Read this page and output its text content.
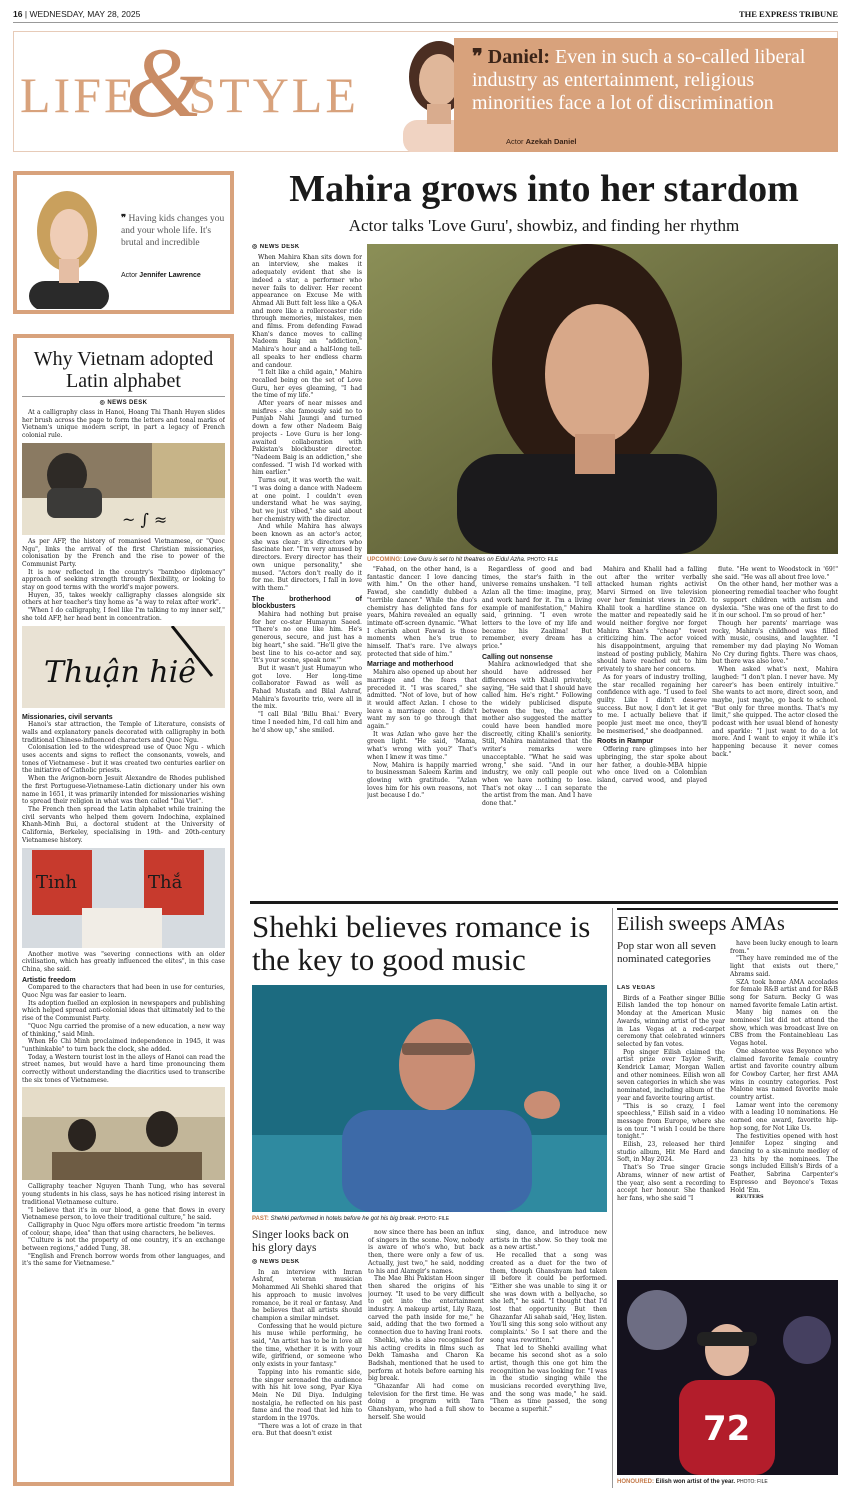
16 | WEDNESDAY, MAY 28, 2025	THE EXPRESS TRIBUNE
LIFE&STYLE
❞ Daniel: Even in such a so-called liberal industry as entertainment, religious minorities face a lot of discrimination
Actor Azekah Daniel
❞ Having kids changes you and your whole life. It's brutal and incredible
Actor Jennifer Lawrence
Why Vietnam adopted Latin alphabet
◎ NEWS DESK

At a calligraphy class in Hanoi, Hoang Thi Thanh Huyen slides her brush across the page to form the letters and tonal marks of Vietnam's unique modern script, in part a legacy of French colonial rule.

~ ∫ ≈

As per AFP, the history of romanised Vietnamese, or "Quoc Ngu", links the arrival of the first Christian missionaries, colonisation by the French and the rise to power of the Communist Party.

It is now reflected in the country's "bamboo diplomacy" approach of seeking strength through flexibility, or looking to stay on good terms with the world's major powers.

Huyen, 35, takes weekly calligraphy classes alongside six others at her teacher's tiny home as "a way to relax after work".

"When I do calligraphy, I feel like I'm talking to my inner self," she told AFP, her head bent in concentration.

Thuận hiê
Missionaries, civil servants

Hanoi's star attraction, the Temple of Literature, consists of walls and explanatory panels decorated with calligraphy in both traditional Chinese-influenced characters and Quoc Ngu.

Colonisation led to the widespread use of Quoc Ngu - which uses accents and signs to reflect the consonants, vowels, and tones of Vietnamese - but it was created two centuries earlier on the initiative of Catholic priests.

When the Avignon-born Jesuit Alexandre de Rhodes published the first Portuguese-Vietnamese-Latin dictionary under his own name in 1651, it was primarily intended for missionaries wishing to spread their religion in what was then called "Dai Viet".

The French then spread the Latin alphabet while training the civil servants who helped them govern Indochina, explained Khanh-Minh Bui, a doctoral student at the University of California, Berkeley, specialising in 19th- and 20th-century Vietnamese history.

Tinh	Thắ

Another motive was "severing connections with an older civilisation, which has greatly influenced the elites", in this case China, she said.

Artistic freedom

Compared to the characters that had been in use for centuries, Quoc Ngu was far easier to learn.

Its adoption fuelled an explosion in newspapers and publishing which helped spread anti-colonial ideas that ultimately led to the rise of the Communist Party.

"Quoc Ngu carried the promise of a new education, a new way of thinking," said Minh.

When Ho Chi Minh proclaimed independence in 1945, it was "unthinkable" to turn back the clock, she added.

Today, a Western tourist lost in the alleys of Hanoi can read the street names, but would have a hard time pronouncing them correctly without understanding the diacritics used to transcribe the six tones of Vietnamese.

Calligraphy teacher Nguyen Thanh Tung, who has several young students in his class, says he has noticed rising interest in traditional Vietnamese culture.

"I believe that it's in our blood, a gene that flows in every Vietnamese person, to love their traditional culture," he said.

Calligraphy in Quoc Ngu offers more artistic freedom "in terms of colour, shape, idea" than that using characters, he believes.

"Culture is not the property of one country, it's an exchange between regions," added Tung, 38.

"English and French borrow words from other languages, and it's the same for Vietnamese."

Mahira grows into her stardom
Actor talks 'Love Guru', showbiz, and finding her rhythm
UPCOMING: Love Guru is set to hit theatres on Eidul Azha. PHOTO: FILE
◎ NEWS DESK

When Mahira Khan sits down for an interview, she makes it adequately evident that she is indeed a star, a performer who never fails to deliver. Her recent appearance on Excuse Me with Ahmad Ali Butt felt less like a Q&A and more like a rollercoaster ride through memories, mistakes, men and films. From defending Fawad Khan's dance moves to calling Nadeem Baig an "addiction," Mahira's hour and a half-long tell-all speaks to her endless charm and candour.

"I felt like a child again," Mahira recalled being on the set of Love Guru, her eyes gleaming, "I had the time of my life."

After years of near misses and misfires - she famously said no to Punjab Nahi Jaungi and turned down a few other Nadeem Baig projects - Love Guru is her long-awaited collaboration with Pakistan's blockbuster director. "Nadeem Baig is an addiction," she confessed. "I wish I'd worked with him earlier."

Turns out, it was worth the wait. "I was doing a dance with Nadeem at one point. I couldn't even understand what he was saying, but we just vibed," she said about her chemistry with the director.

And while Mahira has always been known as an actor's actor, she was clear: it's directors who fascinate her. "I'm very amused by directors. Every director has their own unique personality," she mused. "Actors don't really do it for me. But directors, I fall in love with them."

The brotherhood of blockbusters

Mahira had nothing but praise for her co-star Humayun Saeed. "There's no one like him. He's generous, secure, and just has a big heart," she said. "He'll give the best line to his co-actor and say, 'It's your scene, speak now.'"

But it wasn't just Humayun who got love. Her long-time collaborator Fawad as well as Fahad Mustafa and Bilal Ashraf, Mahira's favourite trio, were all in the mix.

"I call Bilal 'Billu Bhai.' Every time I needed him, I'd call him and he'd show up," she smiled.

"Fahad, on the other hand, is a fantastic dancer. I love dancing with him." On the other hand, Fawad, she candidly dubbed a "terrible dancer." While the duo's chemistry has delighted fans for years, Mahira revealed an equally intimate off-screen dynamic. "What I cherish about Fawad is those moments when he's true to himself. That's rare. I've always protected that side of him."

Marriage and motherhood

Mahira also opened up about her marriage and the fears that preceded it. "I was scared," she admitted. "Not of love, but of how it would affect Azlan. I chose to leave a marriage once. I didn't want my son to go through that again."

It was Azlan who gave her the green light. "He said, 'Mama, what's wrong with you?' That's when I knew it was time."

Now, Mahira is happily married to businessman Saleem Karim and glowing with gratitude. "Azlan loves him for his own reasons, not just because I do."

Regardless of good and bad times, the star's faith in the universe remains unshaken. "I tell Azlan all the time: imagine, pray, and work hard for it. I'm a living example of manifestation," Mahira said, grinning. "I even wrote letters to the love of my life and became his Zaalima! But remember, every dream has a price."

Calling out nonsense

Mahira acknowledged that she should have addressed her differences with Khalil privately, saying, "He said that I should have called him. He's right." Following the widely publicised dispute between the two, the actor's mother also suggested the matter could have been handled more discreetly, citing Khalil's seniority. Still, Mahira maintained that the writer's remarks were unacceptable. "What he said was wrong," she said. "And in our industry, we only call people out when we have nothing to lose. That's not okay ... I can separate the artist from the man. And I have done that."

Mahira and Khalil had a falling out after the writer verbally attacked human rights activist Marvi Sirmed on live television over her feminist views in 2020. Khalil took a hardline stance on the matter and repeatedly said he would neither forgive nor forget Mahira Khan's "cheap" tweet criticizing him. The actor voiced his disappointment, arguing that instead of posting publicly, Mahira should have reached out to him privately to share her concerns.

As for years of industry trolling, the star recalled regaining her confidence with age. "I used to feel guilty. Like I didn't deserve success. But now, I don't let it get to me. I actually believe that if people just meet me once, they'll be mesmerised," she deadpanned.

Roots in Rampur

Offering rare glimpses into her upbringing, the star spoke about her father, a double-MBA hippie who once lived on a Colombian island, carved wood, and played the

flute. "He went to Woodstock in '69!" she said. "He was all about free love."

On the other hand, her mother was a pioneering remedial teacher who fought to support children with autism and dyslexia. "She was one of the first to do it in our school. I'm so proud of her."

Though her parents' marriage was rocky, Mahira's childhood was filled with music, cousins, and laughter. "I remember my dad playing No Woman No Cry during fights. There was chaos, but there was also love."

When asked what's next, Mahira laughed: "I don't plan. I never have. My career's has been entirely intuitive." She wants to act more, direct soon, and maybe, just maybe, go back to school. "But only for three months. That's my limit," she quipped. The actor closed the podcast with her usual blend of honesty and sparkle: "I just want to do a lot more. And I want to enjoy it while it's happening because it never comes back."

Shehki believes romance is the key to good music
PAST: Shehki performed in hotels before he got his big break. PHOTO: FILE
Singer looks back on his glory days
◎ NEWS DESK

In an interview with Imran Ashraf, veteran musician Mohammed Ali Shehki shared that his approach to music involves romance, be it real or fantasy. And he believes that all artists should champion a similar mindset.

Confessing that he would picture his muse while performing, he said, "An artist has to be in love all the time, whether it is with your wife, girlfriend, or someone who only exists in your fantasy."

Tapping into his romantic side, the singer serenaded the audience with his hit love song, Pyar Kiya Mein Ne Dil Diya. Indulging nostalgia, he reflected on his past fame and the road that led him to stardom in the 1970s.

"There was a lot of craze in that era. But that doesn't exist

now since there has been an influx of singers in the scene. Now, nobody is aware of who's who, but back then, there were only a few of us. Actually, just two," he said, nodding to his and Alamgir's names.

The Mae Bhi Pakistan Hoon singer then shared the origins of his journey. "It used to be very difficult to get into the entertainment industry. A makeup artist, Lily Raza, carved the path inside for me," he said, adding that the two formed a connection due to having Irani roots.

Shehki, who is also recognised for his acting credits in films such as Dekh Tamasha and Charon Ka Badshah, mentioned that he used to perform at hotels before earning his big break.

"Ghazanfar Ali had come on television for the first time. He was doing a program with Tara Ghanshyam, who had a full show to herself. She would

sing, dance, and introduce new artists in the show. So they took me as a new artist."

He recalled that a song was created as a duet for the two of them, though Ghanshyam had taken ill before it could be performed. "Either she was unable to sing it or she was down with a bellyache, so she left," he said. "I thought that I'd lost that opportunity. But then Ghazanfar Ali sahab said, 'Hey, listen. You'll sing this song solo without any complaints.' So I sat there and the song was rewritten."

That led to Shehki availing what became his second shot as a solo artist, though this one got him the recognition he was looking for. "I was in the studio singing while the musicians recorded everything live, and the song was made," he said. "Then as time passed, the song became a superhit."

Eilish sweeps AMAs
Pop star won all seven nominated categories
LAS VEGAS

Birds of a Feather singer Billie Eilish landed the top honour on Monday at the American Music Awards, winning artist of the year in Las Vegas at a red-carpet ceremony that celebrated winners selected by fan votes.

Pop singer Eilish claimed the artist prize over Taylor Swift, Kendrick Lamar, Morgan Wallen and other nominees. Eilish won all seven categories in which she was nominated, including album of the year and favorite touring artist.

"This is so crazy, I feel speechless," Eilish said in a video message from Europe, where she is on tour. "I wish I could be there tonight."

Eilish, 23, released her third studio album, Hit Me Hard and Soft, in May 2024.

That's So True singer Gracie Abrams, winner of new artist of the year, also sent a recording to accept her honour. She thanked her fans, who she said "I

have been lucky enough to learn from."

"They have reminded me of the light that exists out there," Abrams said.

SZA took home AMA accolades for female R&B artist and for R&B song for Saturn. Becky G was named favorite female Latin artist.

Many big names on the nominees' list did not attend the show, which was broadcast live on CBS from the Fontainebleau Las Vegas hotel.

One absentee was Beyonce who claimed favorite female country artist and favorite country album for Cowboy Carter, her first AMA wins in country categories. Post Malone was named favorite male country artist.

Lamar went into the ceremony with a leading 10 nominations. He earned one award, favorite hip-hop song, for Not Like Us.

The festivities opened with host Jennifer Lopez singing and dancing to a six-minute medley of 23 hits by the nominees. The songs included Eilish's Birds of a Feather, Sabrina Carpenter's Espresso and Beyonce's Texas Hold 'Em.

REUTERS

72
HONOURED: Eilish won artist of the year. PHOTO: FILE
